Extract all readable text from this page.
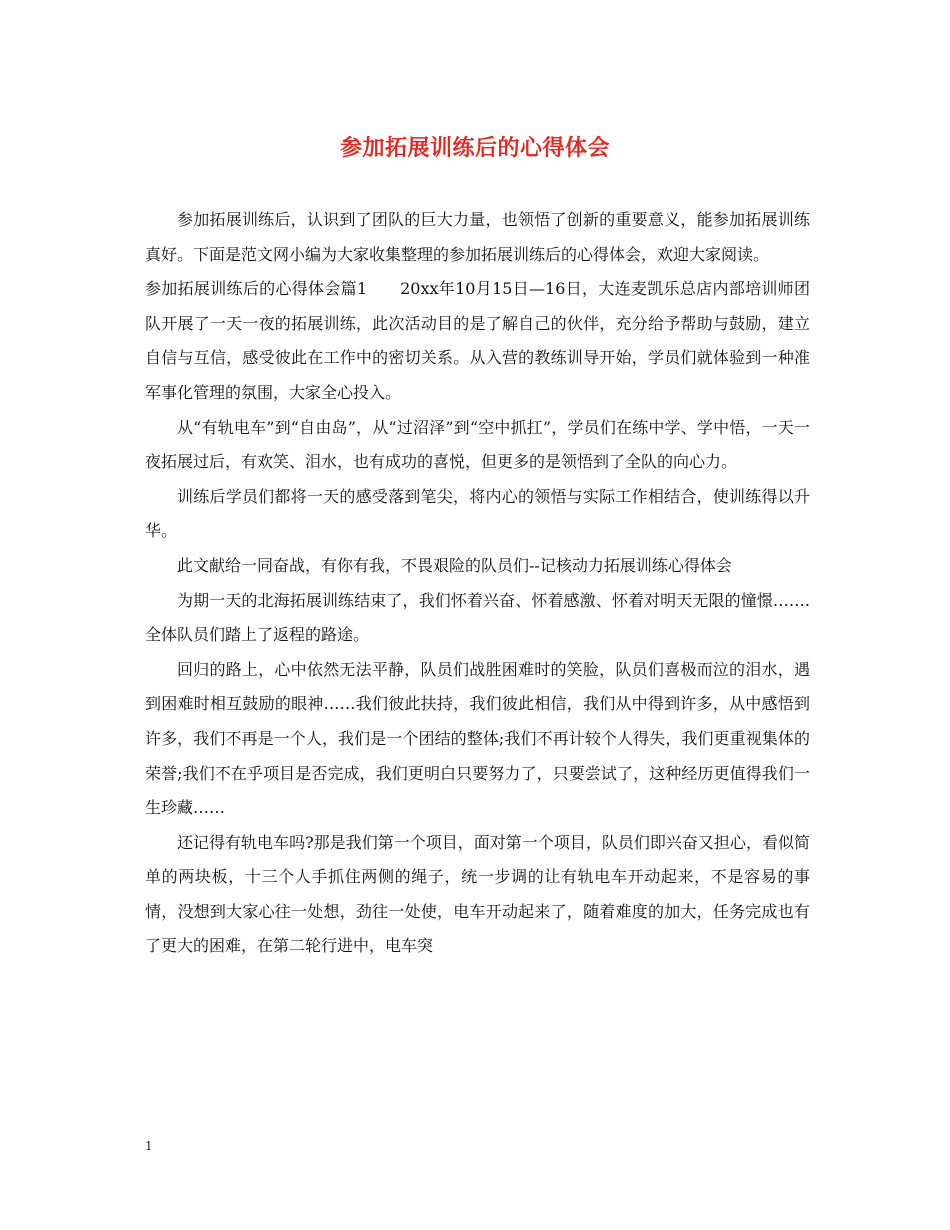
参加拓展训练后的心得体会

参加拓展训练后，认识到了团队的巨大力量，也领悟了创新的重要意义，能参加拓展训练真好。下面是范文网小编为大家收集整理的参加拓展训练后的心得体会，欢迎大家阅读。

参加拓展训练后的心得体会篇1　　20xx年10月15日—16日，大连麦凯乐总店内部培训师团队开展了一天一夜的拓展训练，此次活动目的是了解自己的伙伴，充分给予帮助与鼓励，建立自信与互信，感受彼此在工作中的密切关系。从入营的教练训导开始，学员们就体验到一种准军事化管理的氛围，大家全心投入。

从“有轨电车”到“自由岛”，从“过沼泽”到“空中抓扛”，学员们在练中学、学中悟，一天一夜拓展过后，有欢笑、泪水，也有成功的喜悦，但更多的是领悟到了全队的向心力。

训练后学员们都将一天的感受落到笔尖，将内心的领悟与实际工作相结合，使训练得以升华。

此文献给一同奋战，有你有我，不畏艰险的队员们--记核动力拓展训练心得体会

为期一天的北海拓展训练结束了，我们怀着兴奋、怀着感激、怀着对明天无限的憧憬…….全体队员们踏上了返程的路途。

回归的路上，心中依然无法平静，队员们战胜困难时的笑脸，队员们喜极而泣的泪水，遇到困难时相互鼓励的眼神……我们彼此扶持，我们彼此相信，我们从中得到许多，从中感悟到许多，我们不再是一个人，我们是一个团结的整体;我们不再计较个人得失，我们更重视集体的荣誉;我们不在乎项目是否完成，我们更明白只要努力了，只要尝试了，这种经历更值得我们一生珍藏……

还记得有轨电车吗?那是我们第一个项目，面对第一个项目，队员们即兴奋又担心，看似简单的两块板，十三个人手抓住两侧的绳子，统一步调的让有轨电车开动起来，不是容易的事情，没想到大家心往一处想，劲往一处使，电车开动起来了，随着难度的加大，任务完成也有了更大的困难，在第二轮行进中，电车突

1
